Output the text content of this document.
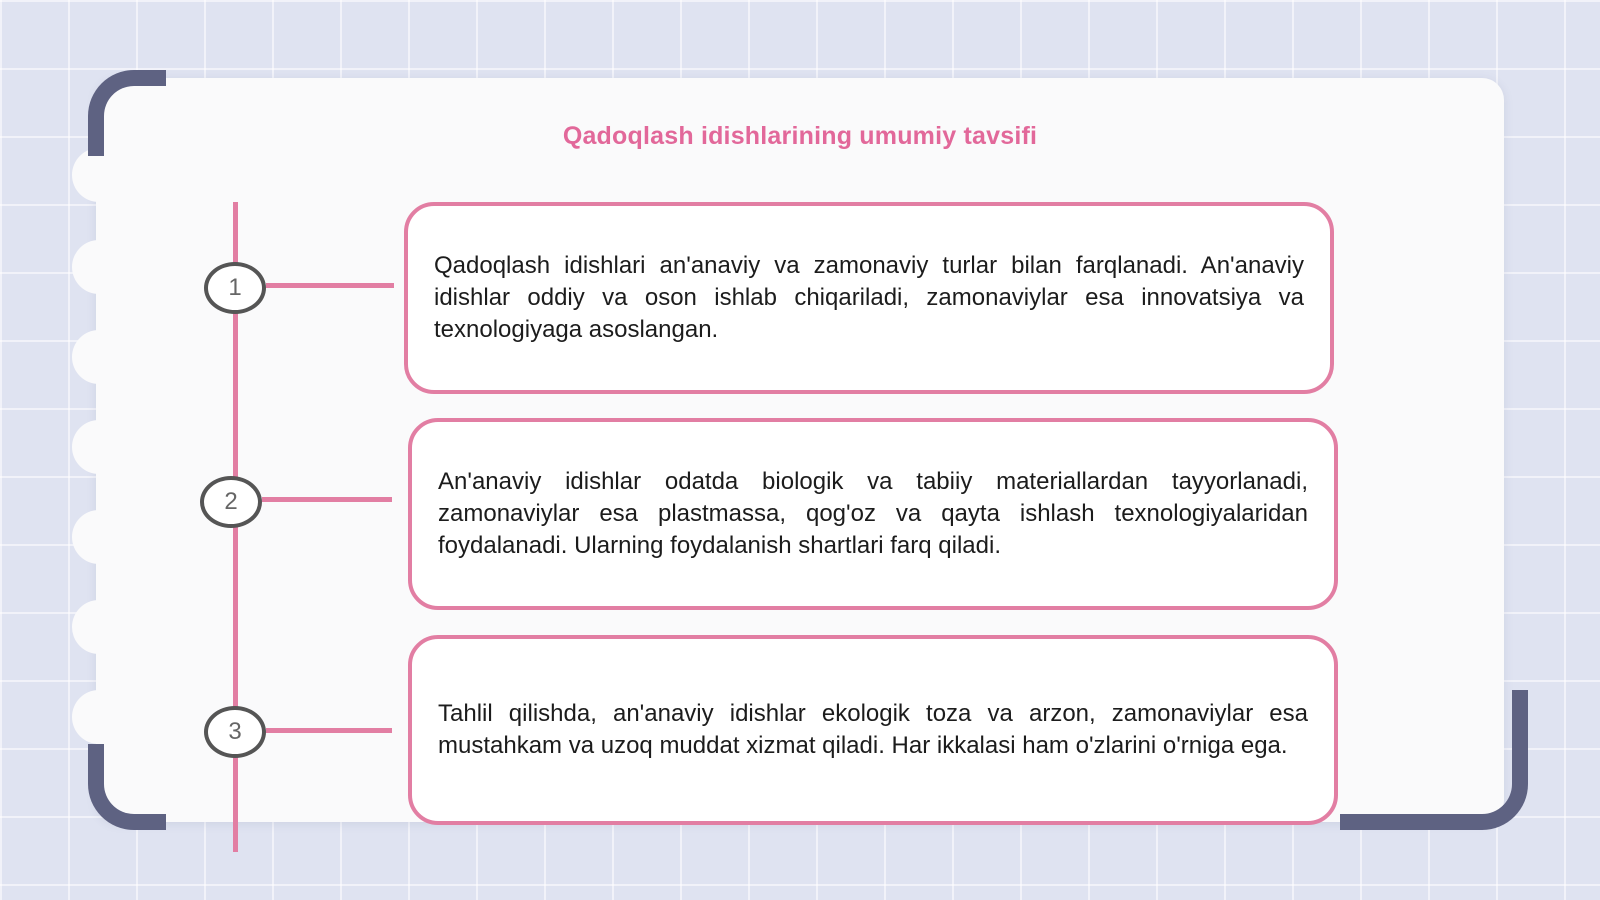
Qadoqlash idishlarining umumiy tavsifi
1

Qadoqlash idishlari an'anaviy va zamonaviy turlar bilan farqlanadi. An'anaviy idishlar oddiy va oson ishlab chiqariladi, zamonaviylar esa innovatsiya va texnologiyaga asoslangan.

2

An'anaviy idishlar odatda biologik va tabiiy materiallardan tayyorlanadi, zamonaviylar esa plastmassa, qog'oz va qayta ishlash texnologiyalaridan foydalanadi. Ularning foydalanish shartlari farq qiladi.

3

Tahlil qilishda, an'anaviy idishlar ekologik toza va arzon, zamonaviylar esa mustahkam va uzoq muddat xizmat qiladi. Har ikkalasi ham o'zlarini o'rniga ega.
